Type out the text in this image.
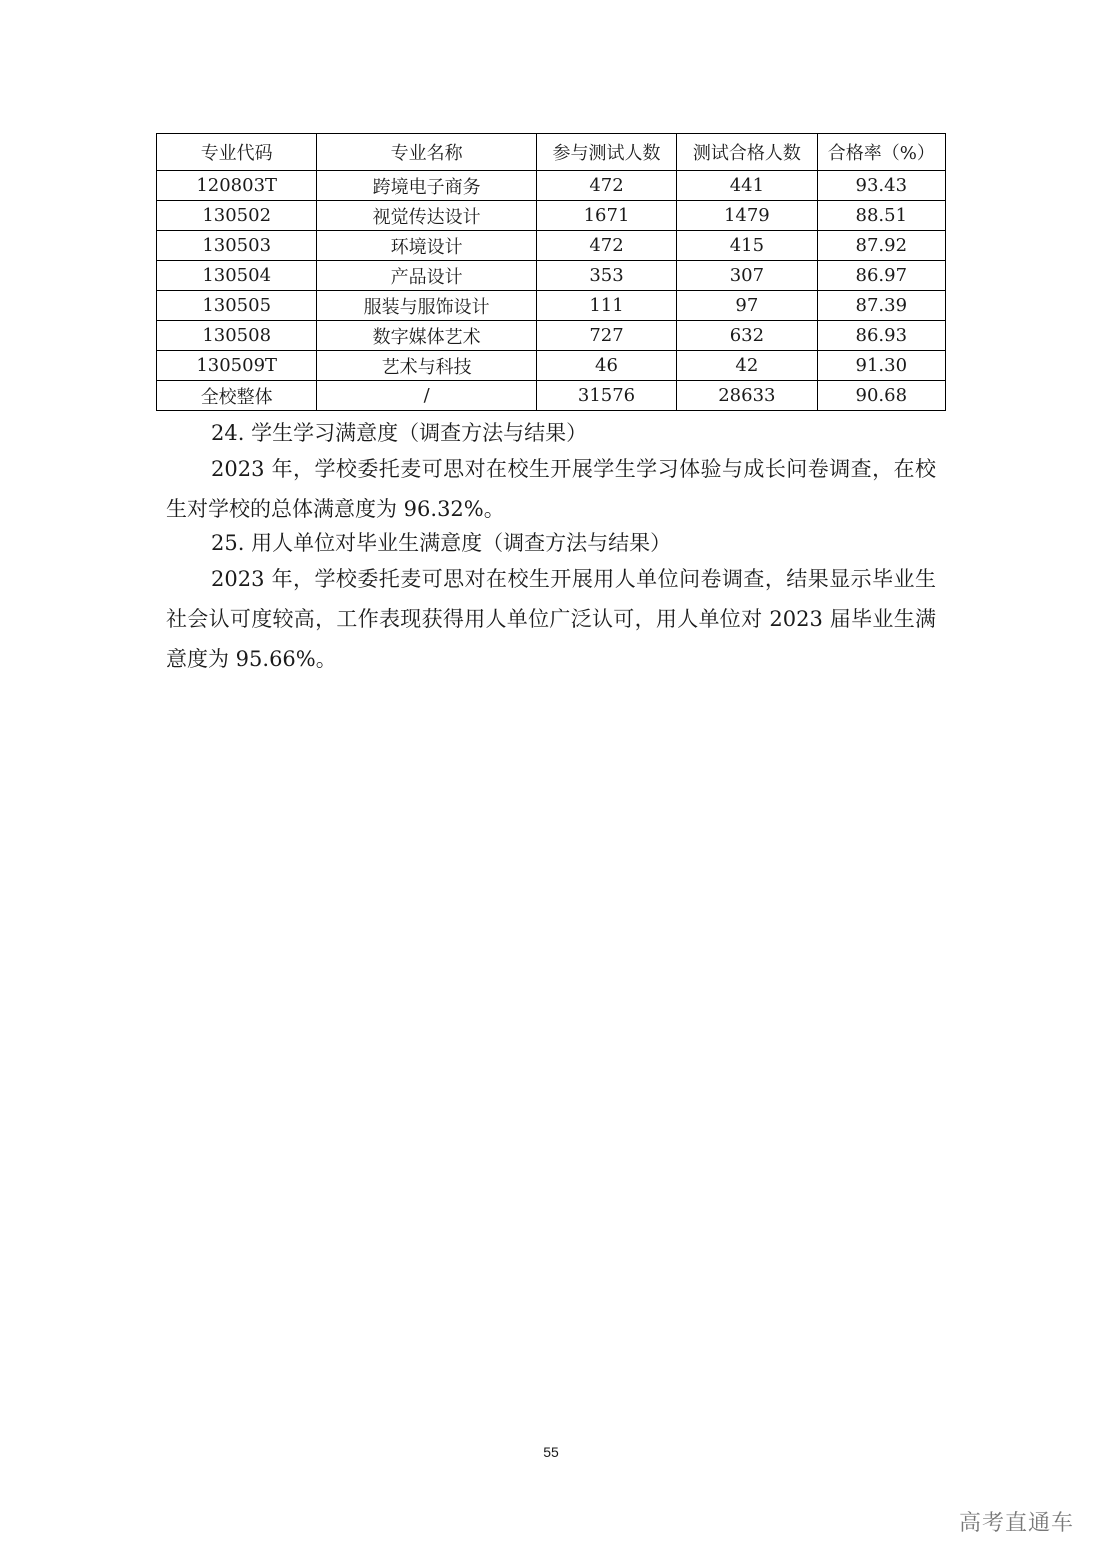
专业代码	专业名称	参与测试人数	测试合格人数	合格率（%）
120803T	跨境电子商务	472	441	93.43
130502	视觉传达设计	1671	1479	88.51
130503	环境设计	472	415	87.92
130504	产品设计	353	307	86.97
130505	服装与服饰设计	111	97	87.39
130508	数字媒体艺术	727	632	86.93
130509T	艺术与科技	46	42	91.30
全校整体	/	31576	28633	90.68
24. 学生学习满意度（调查方法与结果）

2023 年，学校委托麦可思对在校生开展学生学习体验与成长问卷调查，在校生对学校的总体满意度为 96.32%。

25. 用人单位对毕业生满意度（调查方法与结果）

2023 年，学校委托麦可思对在校生开展用人单位问卷调查，结果显示毕业生社会认可度较高，工作表现获得用人单位广泛认可，用人单位对 2023 届毕业生满意度为 95.66%。

55
高考直通车
